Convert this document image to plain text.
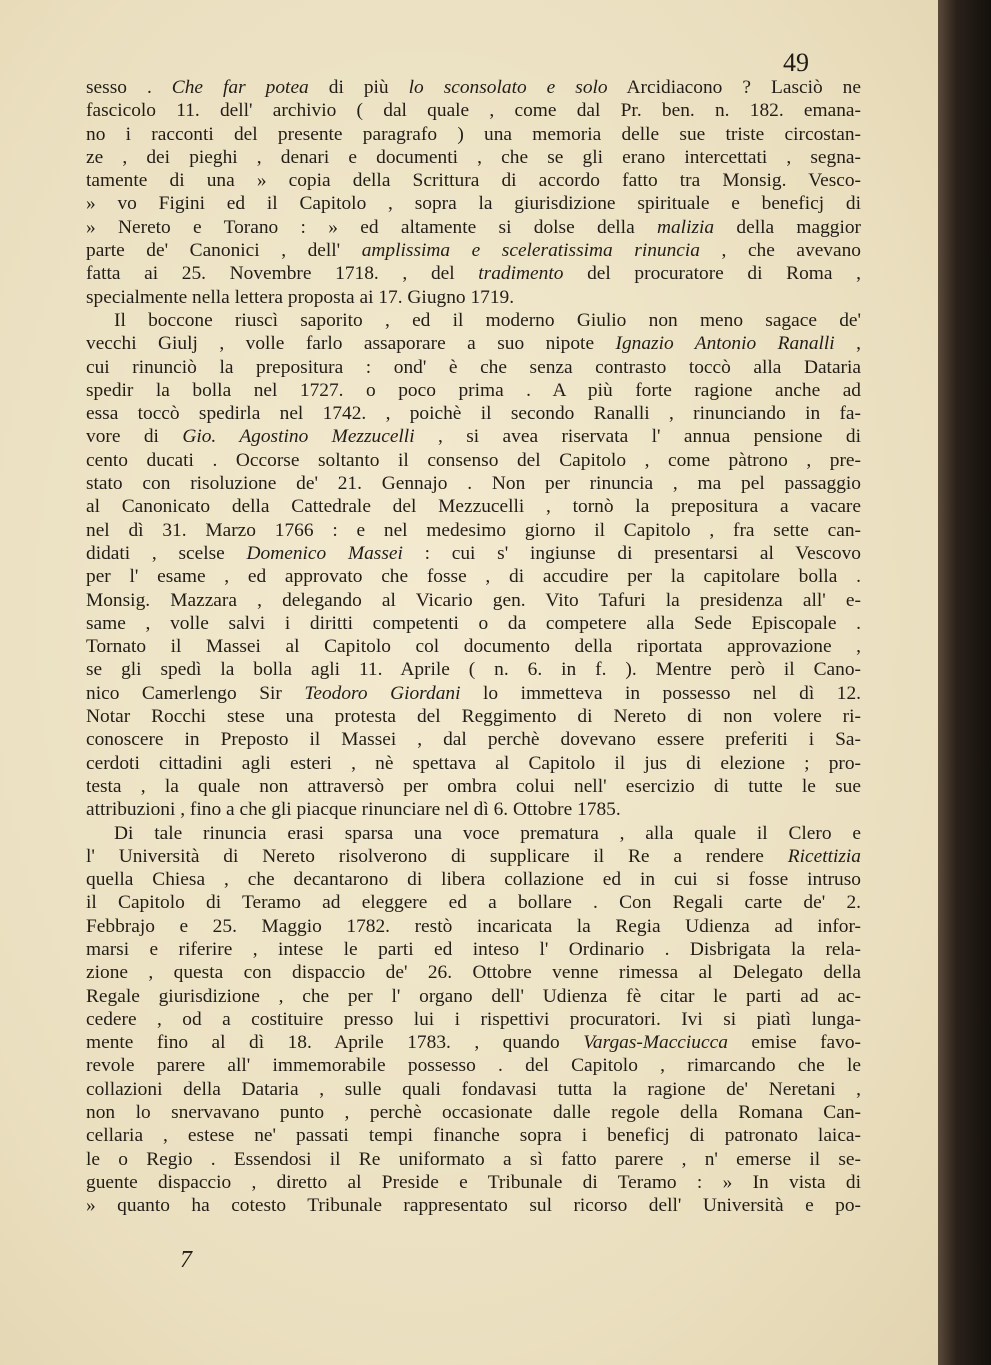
49
sesso . Che far potea di più lo sconsolato e solo Arcidiacono ? Lasciò ne
fascicolo 11. dell' archivio ( dal quale , come dal Pr. ben. n. 182. emana-
no i racconti del presente paragrafo ) una memoria delle sue triste circostan-
ze , dei pieghi , denari e documenti , che se gli erano intercettati , segna-
tamente di una » copia della Scrittura di accordo fatto tra Monsig. Vesco-
» vo Figini ed il Capitolo , sopra la giurisdizione spirituale e beneficj di
» Nereto e Torano : » ed altamente si dolse della malizia della maggior
parte de' Canonici , dell' amplissima e sceleratissima rinuncia , che avevano
fatta ai 25. Novembre 1718. , del tradimento del procuratore di Roma ,
specialmente nella lettera proposta ai 17. Giugno 1719.
Il boccone riuscì saporito , ed il moderno Giulio non meno sagace de'
vecchi Giulj , volle farlo assaporare a suo nipote Ignazio Antonio Ranalli ,
cui rinunciò la prepositura : ond' è che senza contrasto toccò alla Dataria
spedir la bolla nel 1727. o poco prima . A più forte ragione anche ad
essa toccò spedirla nel 1742. , poichè il secondo Ranalli , rinunciando in fa-
vore di Gio. Agostino Mezzucelli , si avea riservata l' annua pensione di
cento ducati . Occorse soltanto il consenso del Capitolo , come pàtrono , pre-
stato con risoluzione de' 21. Gennajo . Non per rinuncia , ma pel passaggio
al Canonicato della Cattedrale del Mezzucelli , tornò la prepositura a vacare
nel dì 31. Marzo 1766 : e nel medesimo giorno il Capitolo , fra sette can-
didati , scelse Domenico Massei : cui s' ingiunse di presentarsi al Vescovo
per l' esame , ed approvato che fosse , di accudire per la capitolare bolla .
Monsig. Mazzara , delegando al Vicario gen. Vito Tafuri la presidenza all' e-
same , volle salvi i diritti competenti o da competere alla Sede Episcopale .
Tornato il Massei al Capitolo col documento della riportata approvazione ,
se gli spedì la bolla agli 11. Aprile ( n. 6. in f. ). Mentre però il Cano-
nico Camerlengo Sir Teodoro Giordani lo immetteva in possesso nel dì 12.
Notar Rocchi stese una protesta del Reggimento di Nereto di non volere ri-
conoscere in Preposto il Massei , dal perchè dovevano essere preferiti i Sa-
cerdoti cittadini agli esteri , nè spettava al Capitolo il jus di elezione ; pro-
testa , la quale non attraversò per ombra colui nell' esercizio di tutte le sue
attribuzioni , fino a che gli piacque rinunciare nel dì 6. Ottobre 1785.
Di tale rinuncia erasi sparsa una voce prematura , alla quale il Clero e
l' Università di Nereto risolverono di supplicare il Re a rendere Ricettizia
quella Chiesa , che decantarono di libera collazione ed in cui si fosse intruso
il Capitolo di Teramo ad eleggere ed a bollare . Con Regali carte de' 2.
Febbrajo e 25. Maggio 1782. restò incaricata la Regia Udienza ad infor-
marsi e riferire , intese le parti ed inteso l' Ordinario . Disbrigata la rela-
zione , questa con dispaccio de' 26. Ottobre venne rimessa al Delegato della
Regale giurisdizione , che per l' organo dell' Udienza fè citar le parti ad ac-
cedere , od a costituire presso lui i rispettivi procuratori. Ivi si piatì lunga-
mente fino al dì 18. Aprile 1783. , quando Vargas-Macciucca emise favo-
revole parere all' immemorabile possesso . del Capitolo , rimarcando che le
collazioni della Dataria , sulle quali fondavasi tutta la ragione de' Neretani ,
non lo snervavano punto , perchè occasionate dalle regole della Romana Can-
cellaria , estese ne' passati tempi finanche sopra i beneficj di patronato laica-
le o Regio . Essendosi il Re uniformato a sì fatto parere , n' emerse il se-
guente dispaccio , diretto al Preside e Tribunale di Teramo : » In vista di
» quanto ha cotesto Tribunale rappresentato sul ricorso dell' Università e po-
7
